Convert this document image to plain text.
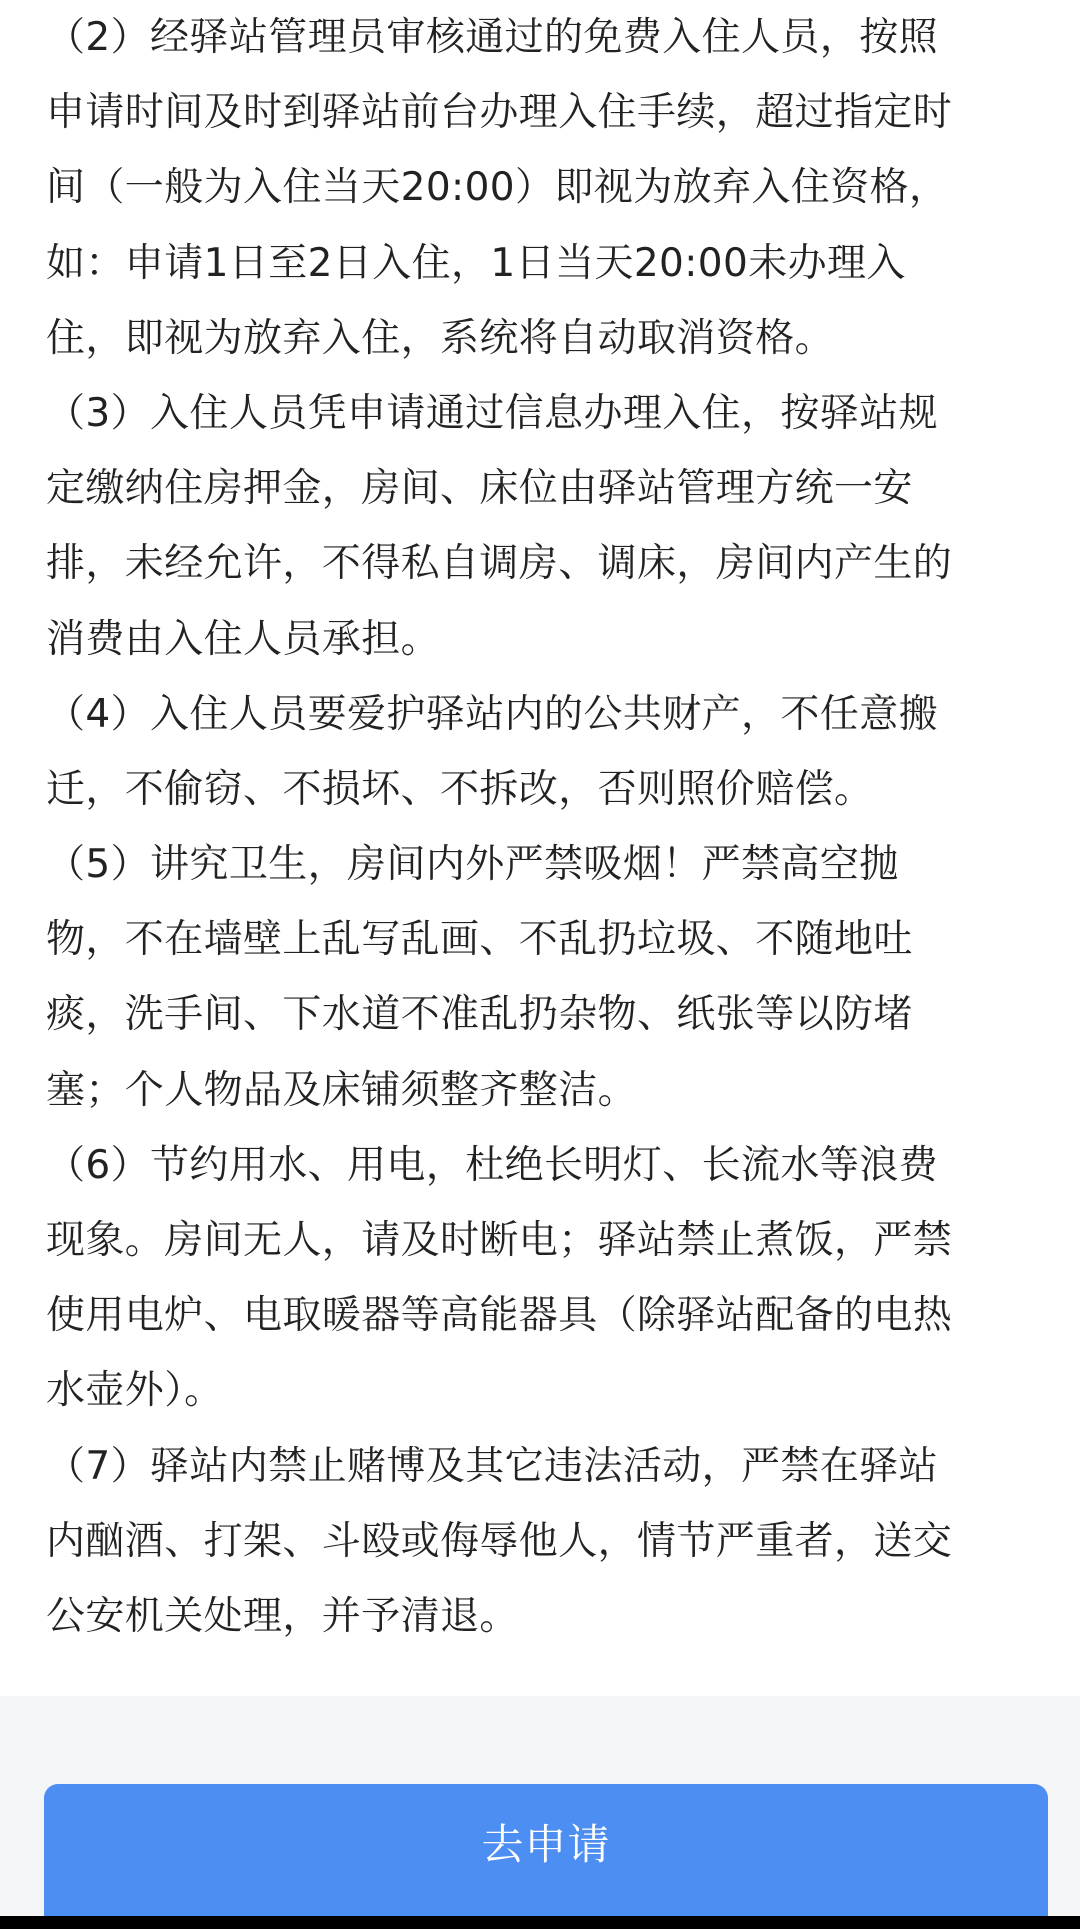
（2）经驿站管理员审核通过的免费入住人员，按照
申请时间及时到驿站前台办理入住手续，超过指定时
间（一般为入住当天20:00）即视为放弃入住资格，
如：申请1日至2日入住，1日当天20:00未办理入
住，即视为放弃入住，系统将自动取消资格。
（3）入住人员凭申请通过信息办理入住，按驿站规
定缴纳住房押金，房间、床位由驿站管理方统一安
排，未经允许，不得私自调房、调床，房间内产生的
消费由入住人员承担。
（4）入住人员要爱护驿站内的公共财产，不任意搬
迁，不偷窃、不损坏、不拆改，否则照价赔偿。
（5）讲究卫生，房间内外严禁吸烟！严禁高空抛
物，不在墙壁上乱写乱画、不乱扔垃圾、不随地吐
痰，洗手间、下水道不准乱扔杂物、纸张等以防堵
塞；个人物品及床铺须整齐整洁。
（6）节约用水、用电，杜绝长明灯、长流水等浪费
现象。房间无人，请及时断电；驿站禁止煮饭，严禁
使用电炉、电取暖器等高能器具（除驿站配备的电热
水壶外）。
（7）驿站内禁止赌博及其它违法活动，严禁在驿站
内酗酒、打架、斗殴或侮辱他人，情节严重者，送交
公安机关处理，并予清退。
去申请
